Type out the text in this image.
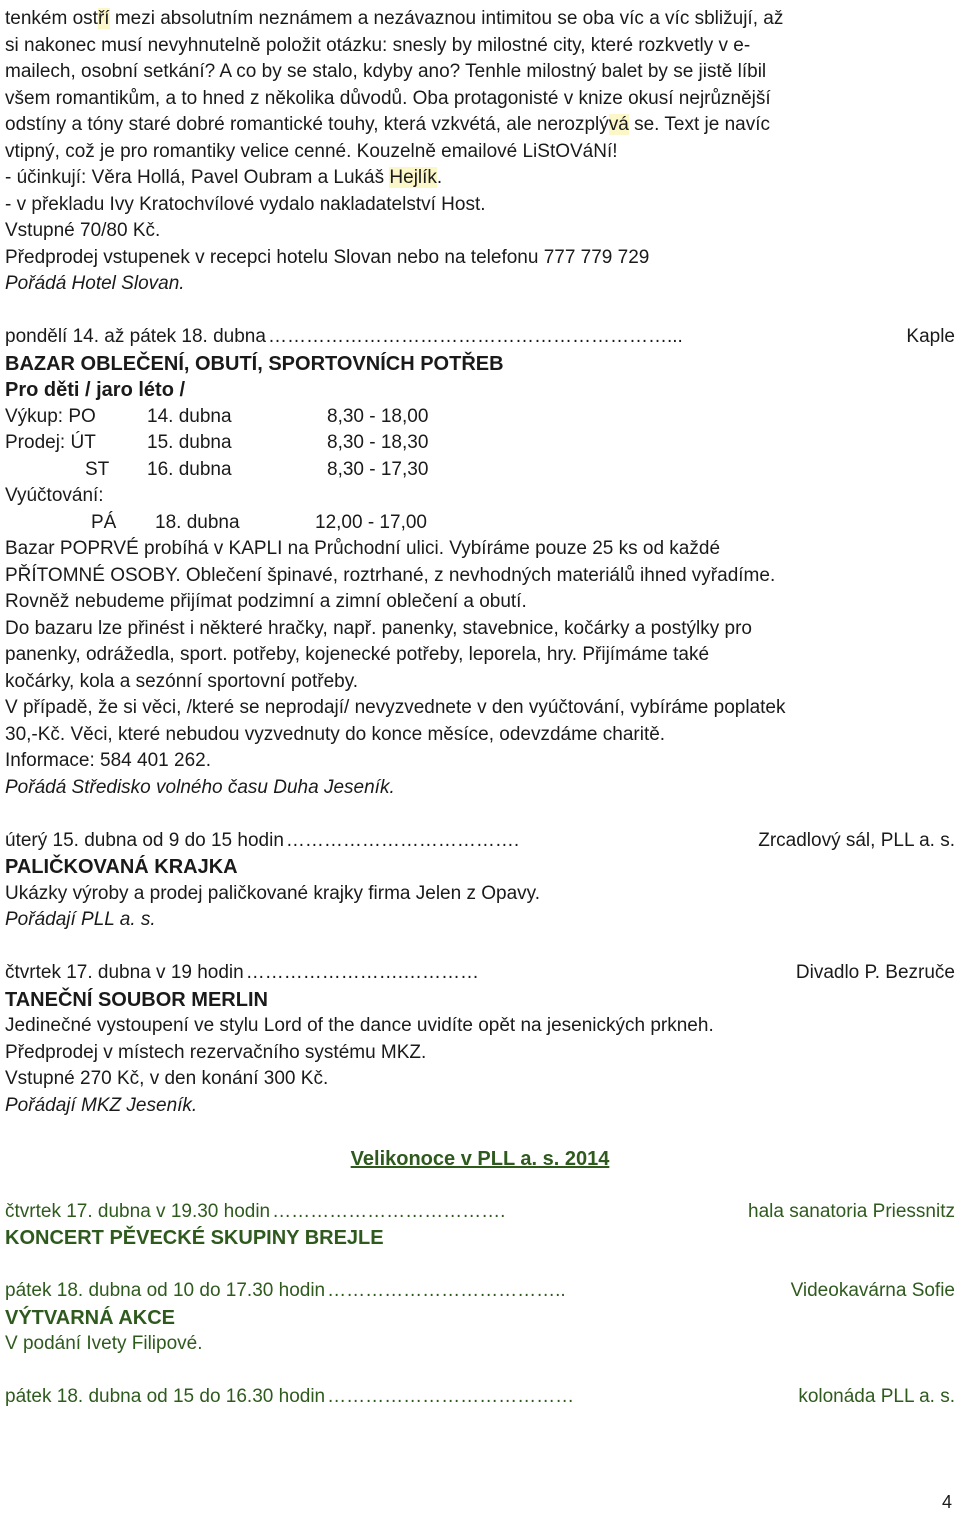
tenkém ostří mezi absolutním neznámem a nezávaznou intimitou se oba víc a víc sbližují, až
si nakonec musí nevyhnutelně položit otázku: snesly by milostné city, které rozkvetly v e-
mailech, osobní setkání? A co by se stalo, kdyby ano? Tenhle milostný balet by se jistě líbil
všem romantikům, a to hned z několika důvodů. Oba protagonisté v knize okusí nejrůznější
odstíny a tóny staré dobré romantické touhy, která vzkvétá, ale nerozplývá se. Text je navíc
vtipný, což je pro romantiky velice cenné. Kouzelně emailové LiStOVáNí!
- účinkují: Věra Hollá, Pavel Oubram a Lukáš Hejlík.
- v překladu Ivy Kratochvílové vydalo nakladatelství Host.
Vstupné 70/80 Kč.
Předprodej vstupenek v recepci hotelu Slovan nebo na telefonu 777 779 729
Pořádá Hotel Slovan.
pondělí 14. až pátek 18. dubna ………………………………………………………...	Kaple
BAZAR OBLEČENÍ, OBUTÍ, SPORTOVNÍCH POTŘEB
Pro děti / jaro léto /
Výkup: PO	14. dubna	8,30 - 18,00
Prodej: ÚT	15. dubna	8,30 - 18,30
ST 16. dubna	8,30 - 17,30
Vyúčtování:
PÁ 18. dubna	12,00 - 17,00
Bazar POPRVÉ probíhá v KAPLI na Průchodní ulici. Vybíráme pouze 25 ks od každé
PŘÍTOMNÉ OSOBY. Oblečení špinavé, roztrhané, z nevhodných materiálů ihned vyřadíme.
Rovněž nebudeme přijímat podzimní a zimní oblečení a obutí.
Do bazaru lze přinést i některé hračky, např. panenky, stavebnice, kočárky a postýlky pro
panenky, odrážedla, sport. potřeby, kojenecké potřeby, leporela, hry. Přijímáme také
kočárky, kola a sezónní sportovní potřeby.
V případě, že si věci, /které se neprodají/ nevyzvednete v den vyúčtování, vybíráme poplatek
30,-Kč. Věci, které nebudou vyzvednuty do konce měsíce, odevzdáme charitě.
Informace: 584 401 262.
Pořádá Středisko volného času Duha Jeseník.
úterý 15. dubna od 9 do 15 hodin ……………………………….	Zrcadlový sál, PLL a. s.
PALIČKOVANÁ KRAJKA
Ukázky výroby a prodej paličkované krajky firma Jelen z Opavy.
Pořádají PLL a. s.
čtvrtek 17. dubna v 19 hodin …………………….…………	Divadlo P. Bezruče
TANEČNÍ SOUBOR MERLIN
Jedinečné vystoupení ve stylu Lord of the dance uvidíte opět na jesenických prkneh.
Předprodej v místech rezervačního systému MKZ.
Vstupné 270 Kč, v den konání 300 Kč.
Pořádají MKZ Jeseník.
Velikonoce v PLL a. s. 2014
čtvrtek 17. dubna v 19.30 hodin ……………………………….	hala sanatoria Priessnitz
KONCERT PĚVECKÉ SKUPINY BREJLE
pátek 18. dubna od 10 do 17.30 hodin ………………………………..	Videokavárna Sofie
VÝTVARNÁ AKCE
V podání Ivety Filipové.
pátek 18. dubna od 15 do 16.30 hodin …………………………………	kolonáda PLL a. s.
4
